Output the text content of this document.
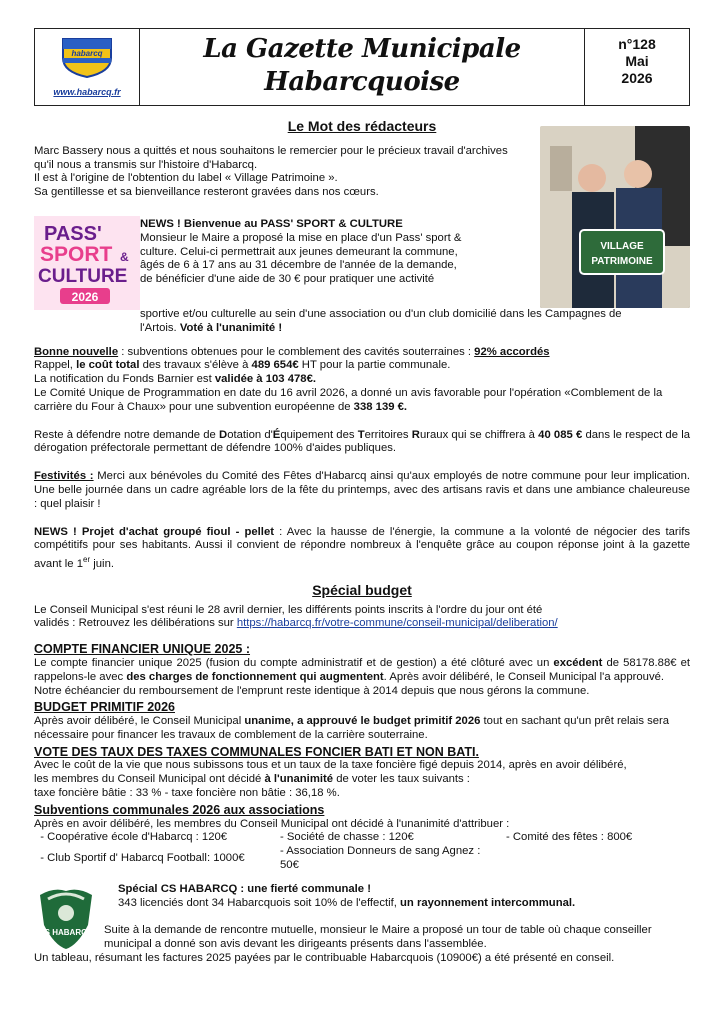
habarcq
www.habarcq.fr
La Gazette Municipale
Habarcquoise
n°128
Mai
2026
Le Mot des rédacteurs
VILLAGE
PATRIMOINE

Marc Bassery nous a quittés et nous souhaitons le remercier pour le précieux travail d'archives qu'il nous a transmis sur l'histoire d'Habarcq.

Il est à l'origine de l'obtention du label « Village Patrimoine ».

Sa gentillesse et sa bienveillance resteront gravées dans nos cœurs.

PASS'
SPORT &
CULTURE
2026

NEWS ! Bienvenue au PASS' SPORT & CULTURE

Monsieur le Maire a proposé la mise en place d'un Pass' sport &

culture. Celui-ci permettrait aux jeunes demeurant la commune,

âgés de 6 à 17 ans au 31 décembre de l'année de la demande,

de bénéficier d'une aide de 30 € pour pratiquer une activité

sportive et/ou culturelle au sein d'une association ou d'un club domicilié dans les Campagnes de

l'Artois. Voté à l'unanimité !

Bonne nouvelle : subventions obtenues pour le comblement des cavités souterraines : 92% accordés

Rappel, le coût total des travaux s'élève à 489 654€ HT pour la partie communale.

La notification du Fonds Barnier est validée à 103 478€.

Le Comité Unique de Programmation en date du 16 avril 2026, a donné un avis favorable pour l'opération «Comblement de la carrière du Four à Chaux» pour une subvention européenne de 338 139 €.

Reste à défendre notre demande de Dotation d'Équipement des Territoires Ruraux qui se chiffrera à 40 085 € dans le respect de la dérogation préfectorale permettant de défendre 100% d'aides publiques.

Festivités : Merci aux bénévoles du Comité des Fêtes d'Habarcq ainsi qu'aux employés de notre commune pour leur implication. Une belle journée dans un cadre agréable lors de la fête du printemps, avec des artisans ravis et dans une ambiance chaleureuse : quel plaisir !

NEWS ! Projet d'achat groupé fioul - pellet : Avec la hausse de l'énergie, la commune a la volonté de négocier des tarifs compétitifs pour ses habitants. Aussi il convient de répondre nombreux à l'enquête grâce au coupon réponse joint à la gazette avant le 1er juin.

Spécial budget

Le Conseil Municipal s'est réuni le 28 avril dernier, les différents points inscrits à l'ordre du jour ont été

validés : Retrouvez les délibérations sur https://habarcq.fr/votre-commune/conseil-municipal/deliberation/

COMPTE FINANCIER UNIQUE 2025 :

Le compte financier unique 2025 (fusion du compte administratif et de gestion) a été clôturé avec un excédent de 58178.88€ et rappelons-le avec des charges de fonctionnement qui augmentent. Après avoir délibéré, le Conseil Municipal l'a approuvé.

Notre échéancier du remboursement de l'emprunt reste identique à 2014 depuis que nous gérons la commune.

BUDGET PRIMITIF 2026

Après avoir délibéré, le Conseil Municipal unanime, a approuvé le budget primitif 2026 tout en sachant qu'un prêt relais sera nécessaire pour financer les travaux de comblement de la carrière souterraine.

VOTE DES TAUX DES TAXES COMMUNALES FONCIER BATI ET NON BATI.

Avec le coût de la vie que nous subissons tous et un taux de la taxe foncière figé depuis 2014, après en avoir délibéré,

les membres du Conseil Municipal ont décidé à l'unanimité de voter les taux suivants :

taxe foncière bâtie : 33 % - taxe foncière non bâtie : 36,18 %.

Subventions communales 2026 aux associations

Après en avoir délibéré, les membres du Conseil Municipal ont décidé à l'unanimité d'attribuer :

- Coopérative école d'Habarcq : 120€	- Société de chasse : 120€	- Comité des fêtes : 800€
- Club Sportif d' Habarcq Football: 1000€	- Association Donneurs de sang Agnez : 50€	
CS HABARCQ

Spécial CS HABARCQ : une fierté communale !

343 licenciés dont 34 Habarcquois soit 10% de l'effectif, un rayonnement intercommunal.

Suite à la demande de rencontre mutuelle, monsieur le Maire a proposé un tour de table où chaque conseiller

municipal a donné son avis devant les dirigeants présents dans l'assemblée.

Un tableau, résumant les factures 2025 payées par le contribuable Habarcquois (10900€) a été présenté en conseil.
